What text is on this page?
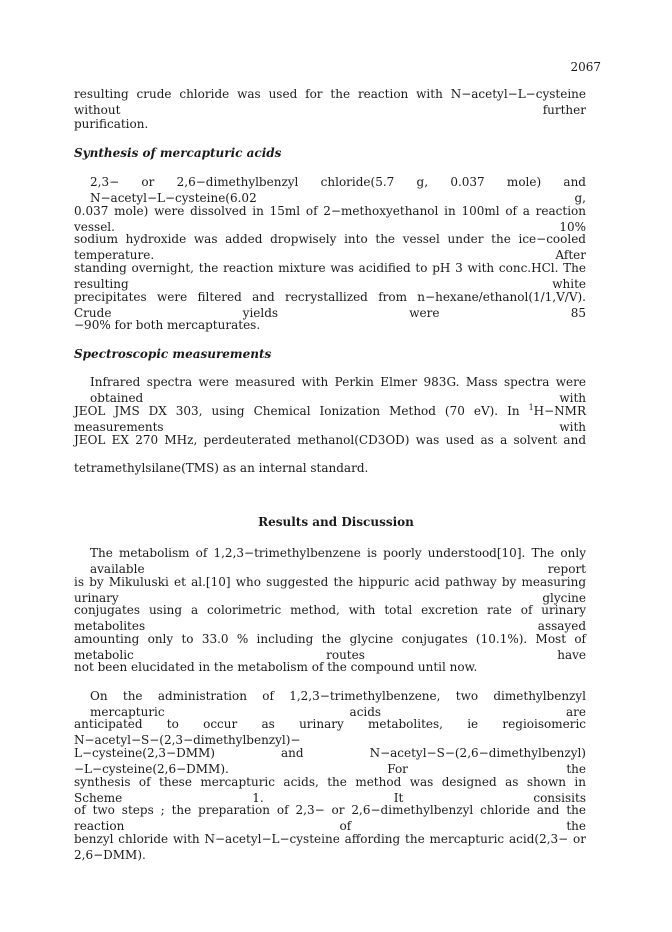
2067
resulting crude chloride was used for the reaction with N−acetyl−L−cysteine without further
purification.
Synthesis of mercapturic acids
2,3− or 2,6−dimethylbenzyl chloride(5.7 g, 0.037 mole) and N−acetyl−L−cysteine(6.02 g,
0.037 mole) were dissolved in 15ml of 2−methoxyethanol in 100ml of a reaction vessel. 10%
sodium hydroxide was added dropwisely into the vessel under the ice−cooled temperature. After
standing overnight, the reaction mixture was acidified to pH 3 with conc.HCl. The resulting white
precipitates were filtered and recrystallized from n−hexane/ethanol(1/1,V/V). Crude yields were 85
−90% for both mercapturates.
Spectroscopic measurements
Infrared spectra were measured with Perkin Elmer 983G. Mass spectra were obtained with
JEOL JMS DX 303, using Chemical Ionization Method (70 eV). In $^1$H−NMR measurements with
JEOL EX 270 MHz, perdeuterated methanol(CD3OD) was used as a solvent and
tetramethylsilane(TMS) as an internal standard.
Results and Discussion
The metabolism of 1,2,3−trimethylbenzene is poorly understood[10]. The only available report
is by Mikuluski et al.[10] who suggested the hippuric acid pathway by measuring urinary glycine
conjugates using a colorimetric method, with total excretion rate of urinary metabolites assayed
amounting only to 33.0 % including the glycine conjugates (10.1%). Most of metabolic routes have
not been elucidated in the metabolism of the compound until now.
On the administration of 1,2,3−trimethylbenzene, two dimethylbenzyl mercapturic acids are
anticipated to occur as urinary metabolites, ie regioisomeric N−acetyl−S−(2,3−dimethylbenzyl)−
L−cysteine(2,3−DMM) and N−acetyl−S−(2,6−dimethylbenzyl)−L−cysteine(2,6−DMM). For the
synthesis of these mercapturic acids, the method was designed as shown in Scheme 1. It consisits
of two steps ; the preparation of 2,3− or 2,6−dimethylbenzyl chloride and the reaction of the
benzyl chloride with N−acetyl−L−cysteine affording the mercapturic acid(2,3− or 2,6−DMM).
